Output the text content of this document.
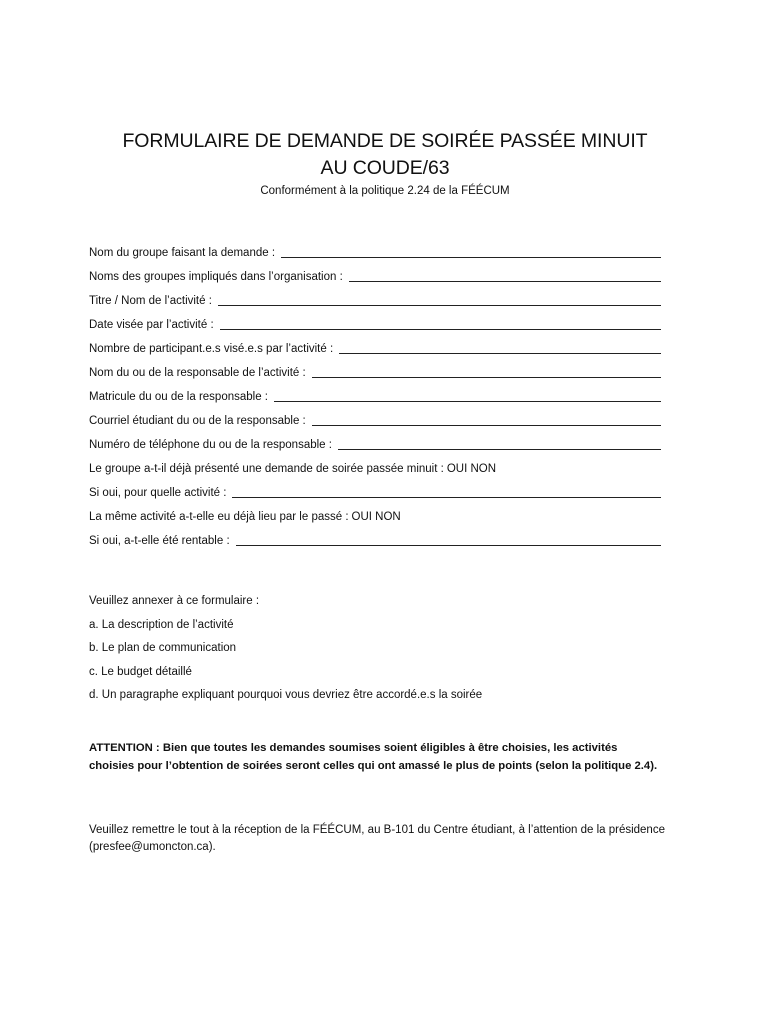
FORMULAIRE DE DEMANDE DE SOIRÉE PASSÉE MINUIT
AU COUDE/63
Conformément à la politique 2.24 de la FÉÉCUM
Nom du groupe faisant la demande :
Noms des groupes impliqués dans l’organisation :
Titre / Nom de l’activité :
Date visée par l’activité :
Nombre de participant.e.s visé.e.s par l’activité :
Nom du ou de la responsable de l’activité :
Matricule du ou de la responsable :
Courriel étudiant du ou de la responsable :
Numéro de téléphone du ou de la responsable :
Le groupe a-t-il déjà présenté une demande de soirée passée minuit : OUI NON
Si oui, pour quelle activité :
La même activité a-t-elle eu déjà lieu par le passé : OUI NON
Si oui, a-t-elle été rentable :
Veuillez annexer à ce formulaire :
a. La description de l’activité
b. Le plan de communication
c. Le budget détaillé
d. Un paragraphe expliquant pourquoi vous devriez être accordé.e.s la soirée
ATTENTION : Bien que toutes les demandes soumises soient éligibles à être choisies, les activités choisies pour l’obtention de soirées seront celles qui ont amassé le plus de points (selon la politique 2.4).
Veuillez remettre le tout à la réception de la FÉÉCUM, au B-101 du Centre étudiant, à l’attention de la présidence (presfee@umoncton.ca).
